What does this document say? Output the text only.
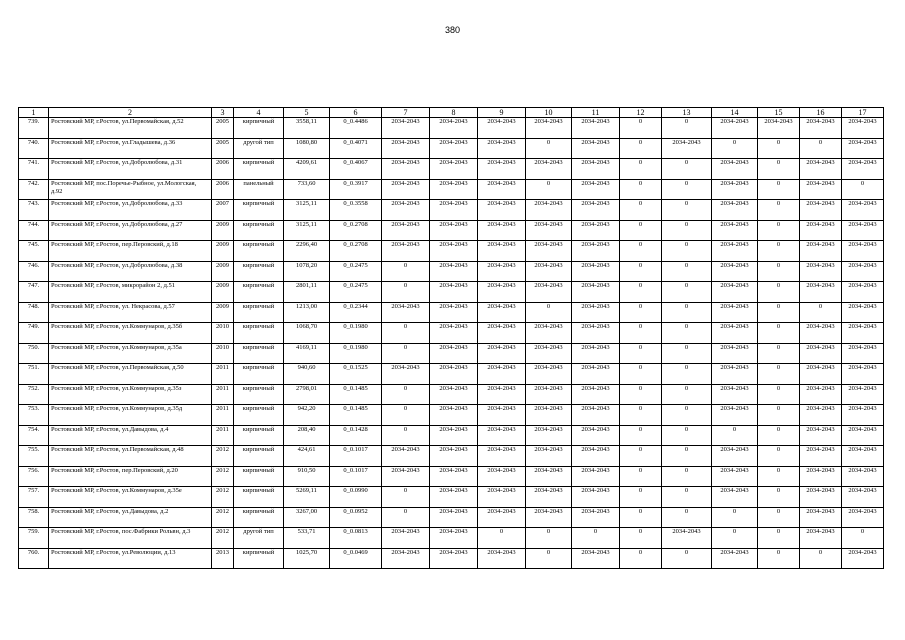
380
1	2	3	4	5	6	7	8	9	10	11	12	13	14	15	16	17
739.	Ростовский МР, г.Ростов, ул.Первомайская, д.52	2005	кирпичный	3558,11	0_0.4486	2034-2043	2034-2043	2034-2043	2034-2043	2034-2043	0	0	2034-2043	2034-2043	2034-2043	2034-2043
740.	Ростовский МР, г.Ростов, ул.Гладышева, д.36	2005	другой тип	1080,80	0_0.4071	2034-2043	2034-2043	2034-2043	0	2034-2043	0	2034-2043	0	0	0	2034-2043
741.	Ростовский МР, г.Ростов, ул.Добролюбова, д.31	2006	кирпичный	4209,61	0_0.4067	2034-2043	2034-2043	2034-2043	2034-2043	2034-2043	0	0	2034-2043	0	2034-2043	2034-2043
742.	Ростовский МР, пос.Поречье-Рыбное, ул.Мологская, д.92	2006	панельный	733,60	0_0.3917	2034-2043	2034-2043	2034-2043	0	2034-2043	0	0	2034-2043	0	2034-2043	0
743.	Ростовский МР, г.Ростов, ул.Добролюбова, д.33	2007	кирпичный	3125,11	0_0.3558	2034-2043	2034-2043	2034-2043	2034-2043	2034-2043	0	0	2034-2043	0	2034-2043	2034-2043
744.	Ростовский МР, г.Ростов, ул.Добролюбова, д.27	2009	кирпичный	3125,11	0_0.2708	2034-2043	2034-2043	2034-2043	2034-2043	2034-2043	0	0	2034-2043	0	2034-2043	2034-2043
745.	Ростовский МР, г.Ростов, пер.Перовский, д.18	2009	кирпичный	2296,40	0_0.2708	2034-2043	2034-2043	2034-2043	2034-2043	2034-2043	0	0	2034-2043	0	2034-2043	2034-2043
746.	Ростовский МР, г.Ростов, ул.Добролюбова, д.38	2009	кирпичный	1078,20	0_0.2475	0	2034-2043	2034-2043	2034-2043	2034-2043	0	0	2034-2043	0	2034-2043	2034-2043
747.	Ростовский МР, г.Ростов, микрорайон 2, д.51	2009	кирпичный	2801,11	0_0.2475	0	2034-2043	2034-2043	2034-2043	2034-2043	0	0	2034-2043	0	2034-2043	2034-2043
748.	Ростовский МР, г.Ростов, ул. Некрасова, д.57	2009	кирпичный	1213,00	0_0.2344	2034-2043	2034-2043	2034-2043	0	2034-2043	0	0	2034-2043	0	0	2034-2043
749.	Ростовский МР, г.Ростов, ул.Коммунаров, д.35б	2010	кирпичный	1068,70	0_0.1980	0	2034-2043	2034-2043	2034-2043	2034-2043	0	0	2034-2043	0	2034-2043	2034-2043
750.	Ростовский МР, г.Ростов, ул.Коммунаров, д.35а	2010	кирпичный	4169,11	0_0.1980	0	2034-2043	2034-2043	2034-2043	2034-2043	0	0	2034-2043	0	2034-2043	2034-2043
751.	Ростовский МР, г.Ростов, ул.Первомайская, д.50	2011	кирпичный	940,60	0_0.1525	2034-2043	2034-2043	2034-2043	2034-2043	2034-2043	0	0	2034-2043	0	2034-2043	2034-2043
752.	Ростовский МР, г.Ростов, ул.Коммунаров, д.35з	2011	кирпичный	2798,01	0_0.1485	0	2034-2043	2034-2043	2034-2043	2034-2043	0	0	2034-2043	0	2034-2043	2034-2043
753.	Ростовский МР, г.Ростов, ул.Коммунаров, д.35д	2011	кирпичный	942,20	0_0.1485	0	2034-2043	2034-2043	2034-2043	2034-2043	0	0	2034-2043	0	2034-2043	2034-2043
754.	Ростовский МР, г.Ростов, ул.Давыдова, д.4	2011	кирпичный	208,40	0_0.1428	0	2034-2043	2034-2043	2034-2043	2034-2043	0	0	0	0	2034-2043	2034-2043
755.	Ростовский МР, г.Ростов, ул.Первомайская, д.48	2012	кирпичный	424,61	0_0.1017	2034-2043	2034-2043	2034-2043	2034-2043	2034-2043	0	0	2034-2043	0	2034-2043	2034-2043
756.	Ростовский МР, г.Ростов, пер.Перовский, д.20	2012	кирпичный	910,50	0_0.1017	2034-2043	2034-2043	2034-2043	2034-2043	2034-2043	0	0	2034-2043	0	2034-2043	2034-2043
757.	Ростовский МР, г.Ростов, ул.Коммунаров, д.35е	2012	кирпичный	5269,11	0_0.0990	0	2034-2043	2034-2043	2034-2043	2034-2043	0	0	2034-2043	0	2034-2043	2034-2043
758.	Ростовский МР, г.Ростов, ул.Давыдова, д.2	2012	кирпичный	3267,00	0_0.0952	0	2034-2043	2034-2043	2034-2043	2034-2043	0	0	0	0	2034-2043	2034-2043
759.	Ростовский МР, г.Ростов, пос.Фабрики Рольвн, д.3	2012	другой тип	533,71	0_0.0813	2034-2043	2034-2043	0	0	0	0	2034-2043	0	0	2034-2043	0
760.	Ростовский МР, г.Ростов, ул.Революции, д.13	2013	кирпичный	1025,70	0_0.0469	2034-2043	2034-2043	2034-2043	0	2034-2043	0	0	2034-2043	0	0	2034-2043
